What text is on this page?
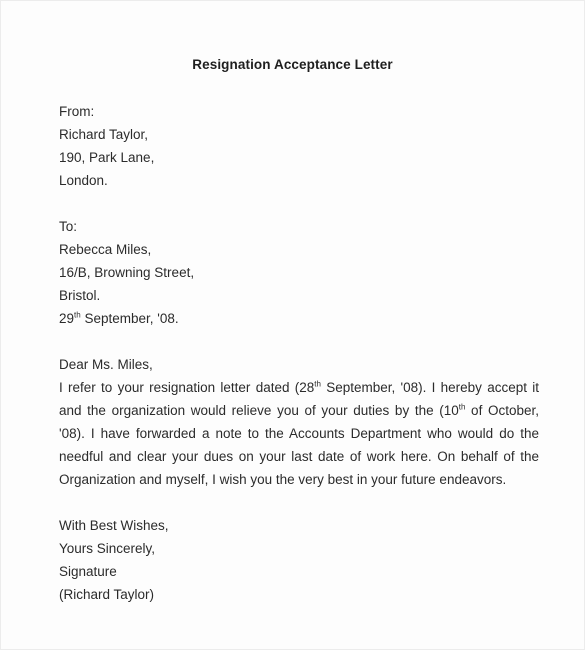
Resignation Acceptance Letter
From:
Richard Taylor,
190, Park Lane,
London.
To:
Rebecca Miles,
16/B, Browning Street,
Bristol.
29th September, '08.
Dear Ms. Miles,
I refer to your resignation letter dated (28th September, '08). I hereby accept it and the organization would relieve you of your duties by the (10th of October, '08). I have forwarded a note to the Accounts Department who would do the needful and clear your dues on your last date of work here. On behalf of the Organization and myself, I wish you the very best in your future endeavors.
With Best Wishes,
Yours Sincerely,
Signature
(Richard Taylor)
